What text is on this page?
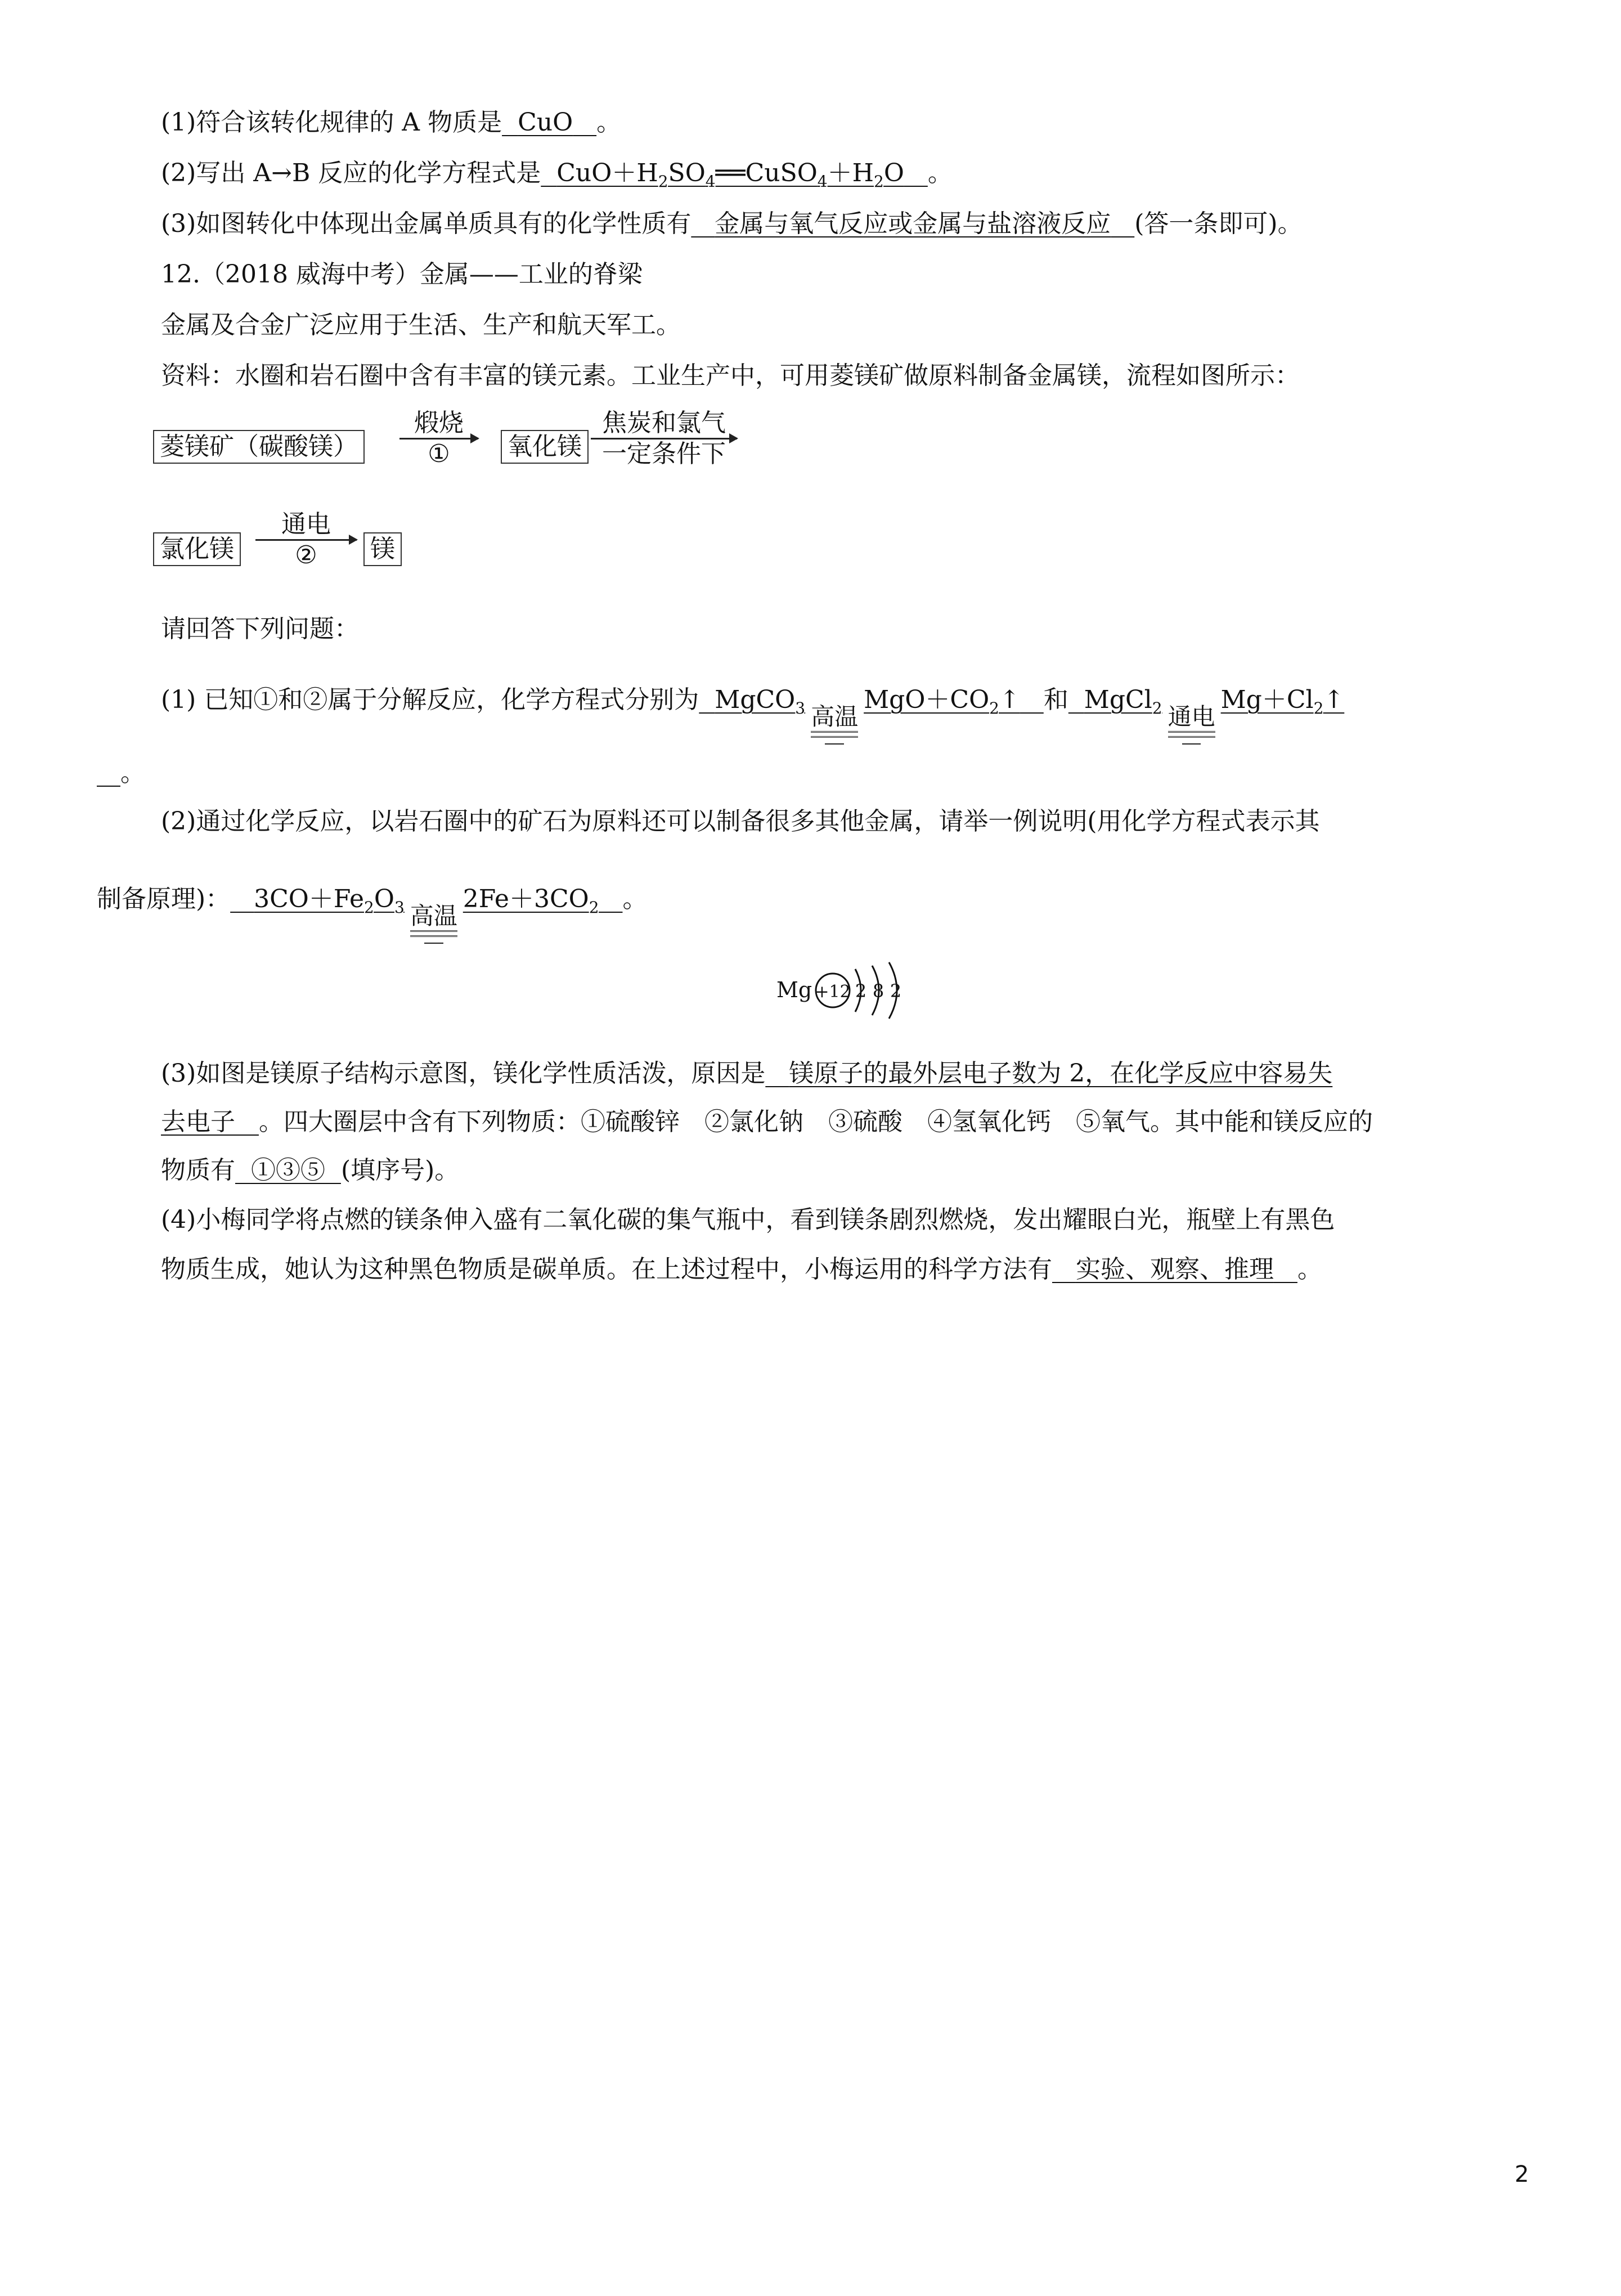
(1)符合该转化规律的 A 物质是 CuO 。
(2)写出 A→B 反应的化学方程式是 $CuO+H_2SO_4══CuSO_4+H_2O$ 。
(3)如图转化中体现出金属单质具有的化学性质有 金属与氧气反应或金属与盐溶液反应 (答一条即可)。
12.（2018 威海中考）金属——工业的脊梁
金属及合金广泛应用于生活、生产和航天军工。
资料：水圈和岩石圈中含有丰富的镁元素。工业生产中，可用菱镁矿做原料制备金属镁，流程如图所示：
菱镁矿（碳酸镁）
煅烧
①	氧化镁
焦炭和氯气
一定条件下
氯化镁
通电
②	镁
请回答下列问题：
(1) 已知①和②属于分解反应，化学方程式分别为 MgCO$_3$ 高温
$MgO+CO_2↑$ 和 MgCl$_2$ 通电
$Mg+Cl_2↑$
。
(2)通过化学反应，以岩石圈中的矿石为原料还可以制备很多其他金属，请举一例说明(用化学方程式表示其
制备原理)： $3CO+Fe_2O_3$ 高温
$2Fe+3CO_2$ 。
Mg +12 2 8 2
(3)如图是镁原子结构示意图，镁化学性质活泼，原因是 镁原子的最外层电子数为 2，在化学反应中容易失
去电子 。四大圈层中含有下列物质：①硫酸锌　②氯化钠　③硫酸　④氢氧化钙　⑤氧气。其中能和镁反应的
物质有 ①③⑤ (填序号)。
(4)小梅同学将点燃的镁条伸入盛有二氧化碳的集气瓶中，看到镁条剧烈燃烧，发出耀眼白光，瓶壁上有黑色
物质生成，她认为这种黑色物质是碳单质。在上述过程中，小梅运用的科学方法有 实验、观察、推理 。
2
